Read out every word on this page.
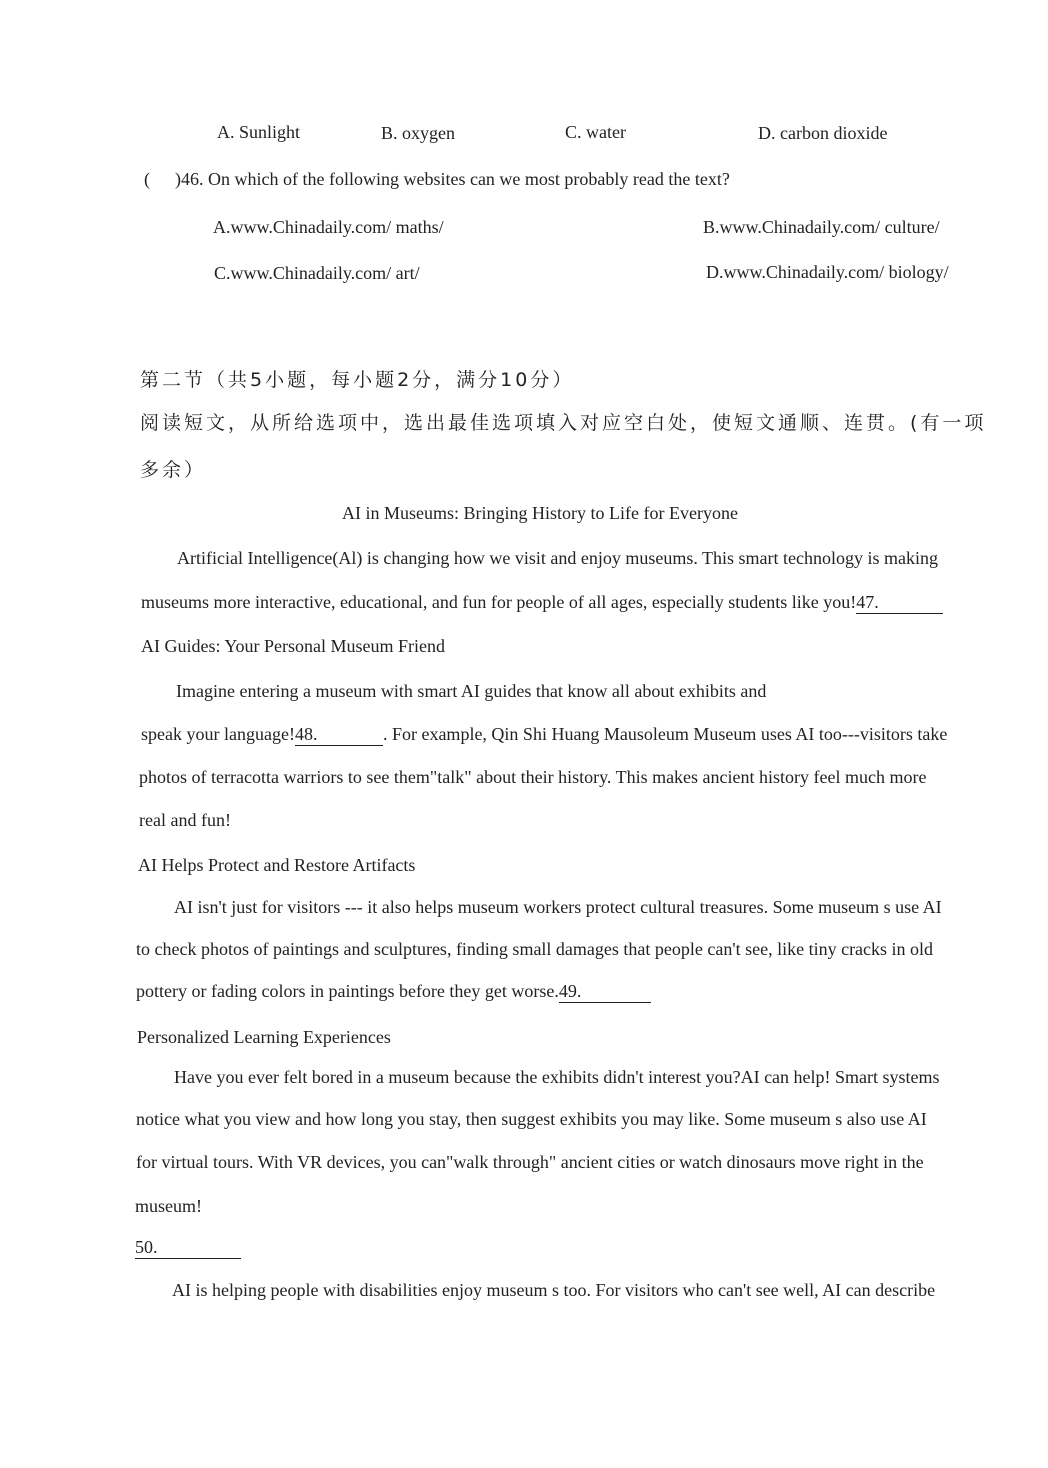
A. Sunlight	B. oxygen	C. water	D. carbon dioxide
( )46. On which of the following websites can we most probably read the text?
A.www.Chinadaily.com/ maths/	B.www.Chinadaily.com/ culture/
C.www.Chinadaily.com/ art/	D.www.Chinadaily.com/ biology/
第二节（共5小题，每小题2分，满分10分）
阅读短文，从所给选项中，选出最佳选项填入对应空白处，使短文通顺、连贯。(有一项
多余）
AI in Museums: Bringing History to Life for Everyone
Artificial Intelligence(Al) is changing how we visit and enjoy museums. This smart technology is making
museums more interactive, educational, and fun for people of all ages, especially students like you!47.
AI Guides: Your Personal Museum Friend
Imagine entering a museum with smart AI guides that know all about exhibits and
speak your language!48.	. For example, Qin Shi Huang Mausoleum Museum uses AI too---visitors take
photos of terracotta warriors to see them"talk" about their history. This makes ancient history feel much more
real and fun!
AI Helps Protect and Restore Artifacts
AI isn't just for visitors --- it also helps museum workers protect cultural treasures. Some museum s use AI
to check photos of paintings and sculptures, finding small damages that people can't see, like tiny cracks in old
pottery or fading colors in paintings before they get worse.49.
Personalized Learning Experiences
Have you ever felt bored in a museum because the exhibits didn't interest you?AI can help! Smart systems
notice what you view and how long you stay, then suggest exhibits you may like. Some museum s also use AI
for virtual tours. With VR devices, you can"walk through" ancient cities or watch dinosaurs move right in the
museum!
50.
AI is helping people with disabilities enjoy museum s too. For visitors who can't see well, AI can describe
